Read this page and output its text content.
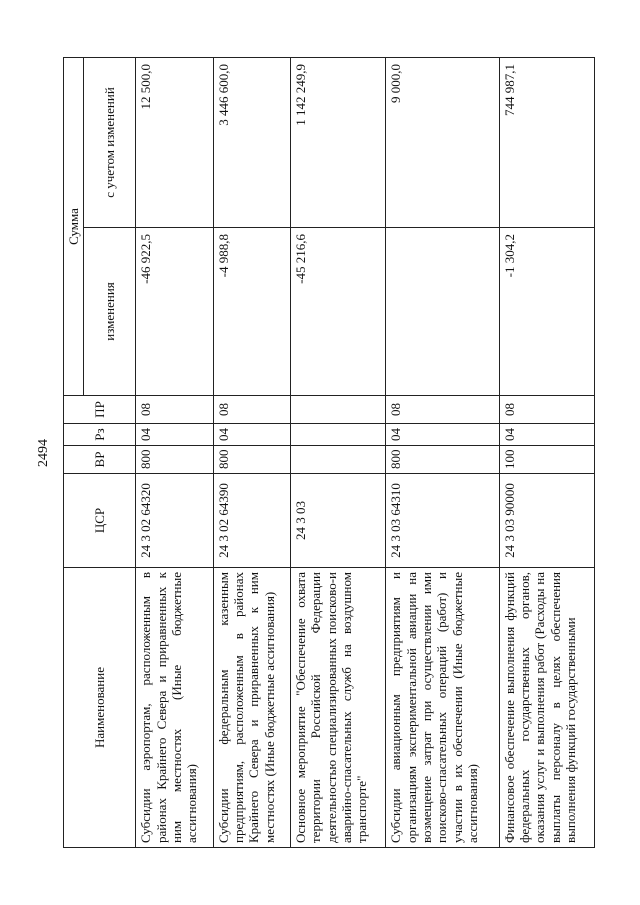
2494
Наименование	ЦСР	ВР	Рз	ПР	Сумма	
					изменения	с учетом изменений
Субсидии аэропортам, расположенным в районах Крайнего Севера и приравненных к ним местностях (Иные бюджетные ассигнования)	24 3 02 64320	800	04	08	-46 922,5	12 500,0
Субсидии федеральным казенным предприятиям, расположенным в районах Крайнего Севера и приравненных к ним местностях (Иные бюджетные ассигнования)	24 3 02 64390	800	04	08	-4 988,8	3 446 600,0
Основное мероприятие "Обеспечение охвата территории Российской Федерации деятельностью специализированных поисково-и аварийно-спасательных служб на воздушном транспорте"	24 3 03				-45 216,6	1 142 249,9
Субсидии авиационным предприятиям и организациям экспериментальной авиации на возмещение затрат при осуществлении ими поисково-спасательных операций (работ) и участии в их обеспечении (Иные бюджетные ассигнования)	24 3 03 64310	800	04	08		9 000,0
Финансовое обеспечение выполнения функций федеральных государственных органов, оказания услуг и выполнения работ (Расходы на выплаты персоналу в целях обеспечения выполнения функций государственными	24 3 03 90000	100	04	08	-1 304,2	744 987,1
